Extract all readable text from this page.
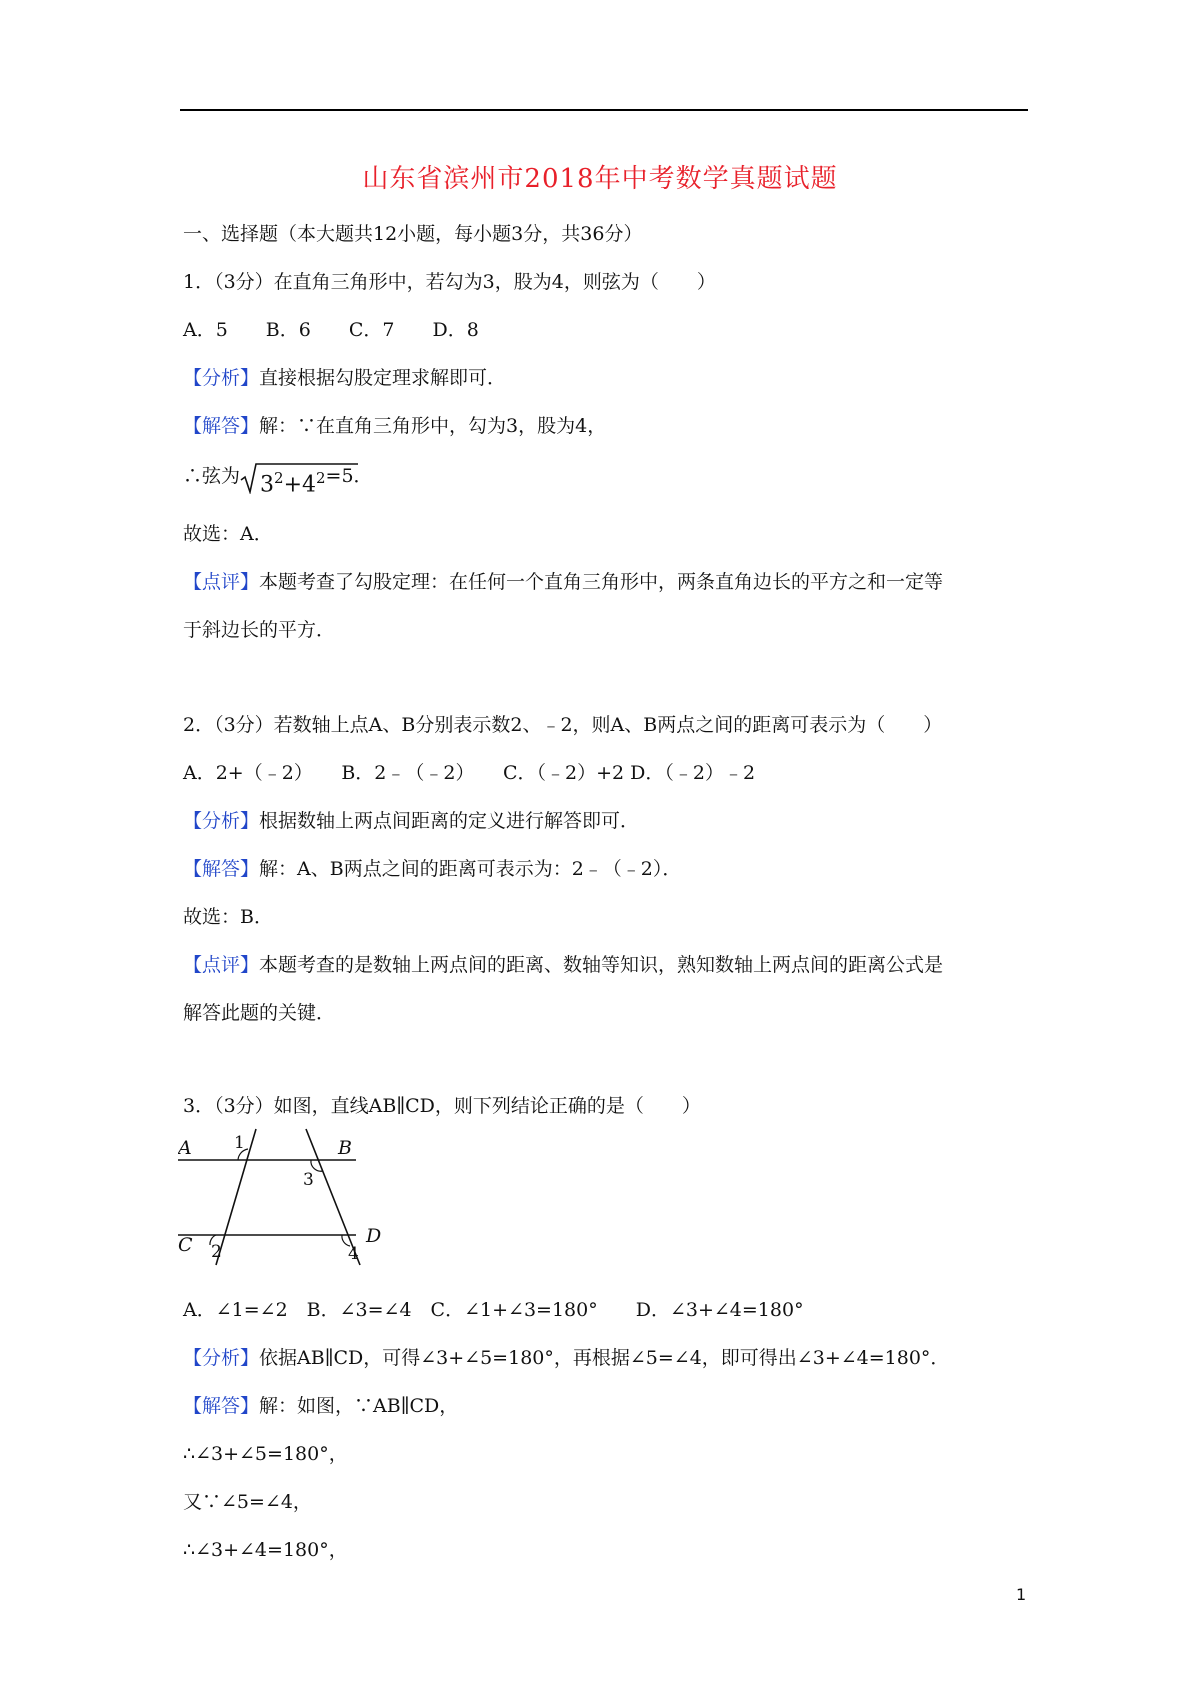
山东省滨州市2018年中考数学真题试题
一、选择题（本大题共12小题，每小题3分，共36分）
1．（3分）在直角三角形中，若勾为3，股为4，则弦为（　　）
A．5　　B．6　　C．7　　D．8
【分析】直接根据勾股定理求解即可．
【解答】解：∵在直角三角形中，勾为3，股为4，
∴弦为 $3^2+4^2=5$．
故选：A．
【点评】本题考查了勾股定理：在任何一个直角三角形中，两条直角边长的平方之和一定等
于斜边长的平方．
2．（3分）若数轴上点A、B分别表示数2、﹣2，则A、B两点之间的距离可表示为（　　）
A．2+（﹣2）　　B．2﹣（﹣2）　　C．（﹣2）+2 D．（﹣2）﹣2
【分析】根据数轴上两点间距离的定义进行解答即可．
【解答】解：A、B两点之间的距离可表示为：2﹣（﹣2）．
故选：B．
【点评】本题考查的是数轴上两点间的距离、数轴等知识，熟知数轴上两点间的距离公式是
解答此题的关键．
3．（3分）如图，直线AB∥CD，则下列结论正确的是（　　）
A	B
C	D
1
3
2	4
A．∠1=∠2　B．∠3=∠4　C．∠1+∠3=180°　　D．∠3+∠4=180°
【分析】依据AB∥CD，可得∠3+∠5=180°，再根据∠5=∠4，即可得出∠3+∠4=180°．
【解答】解：如图，∵AB∥CD，
∴∠3+∠5=180°，
又∵∠5=∠4，
∴∠3+∠4=180°，
1
